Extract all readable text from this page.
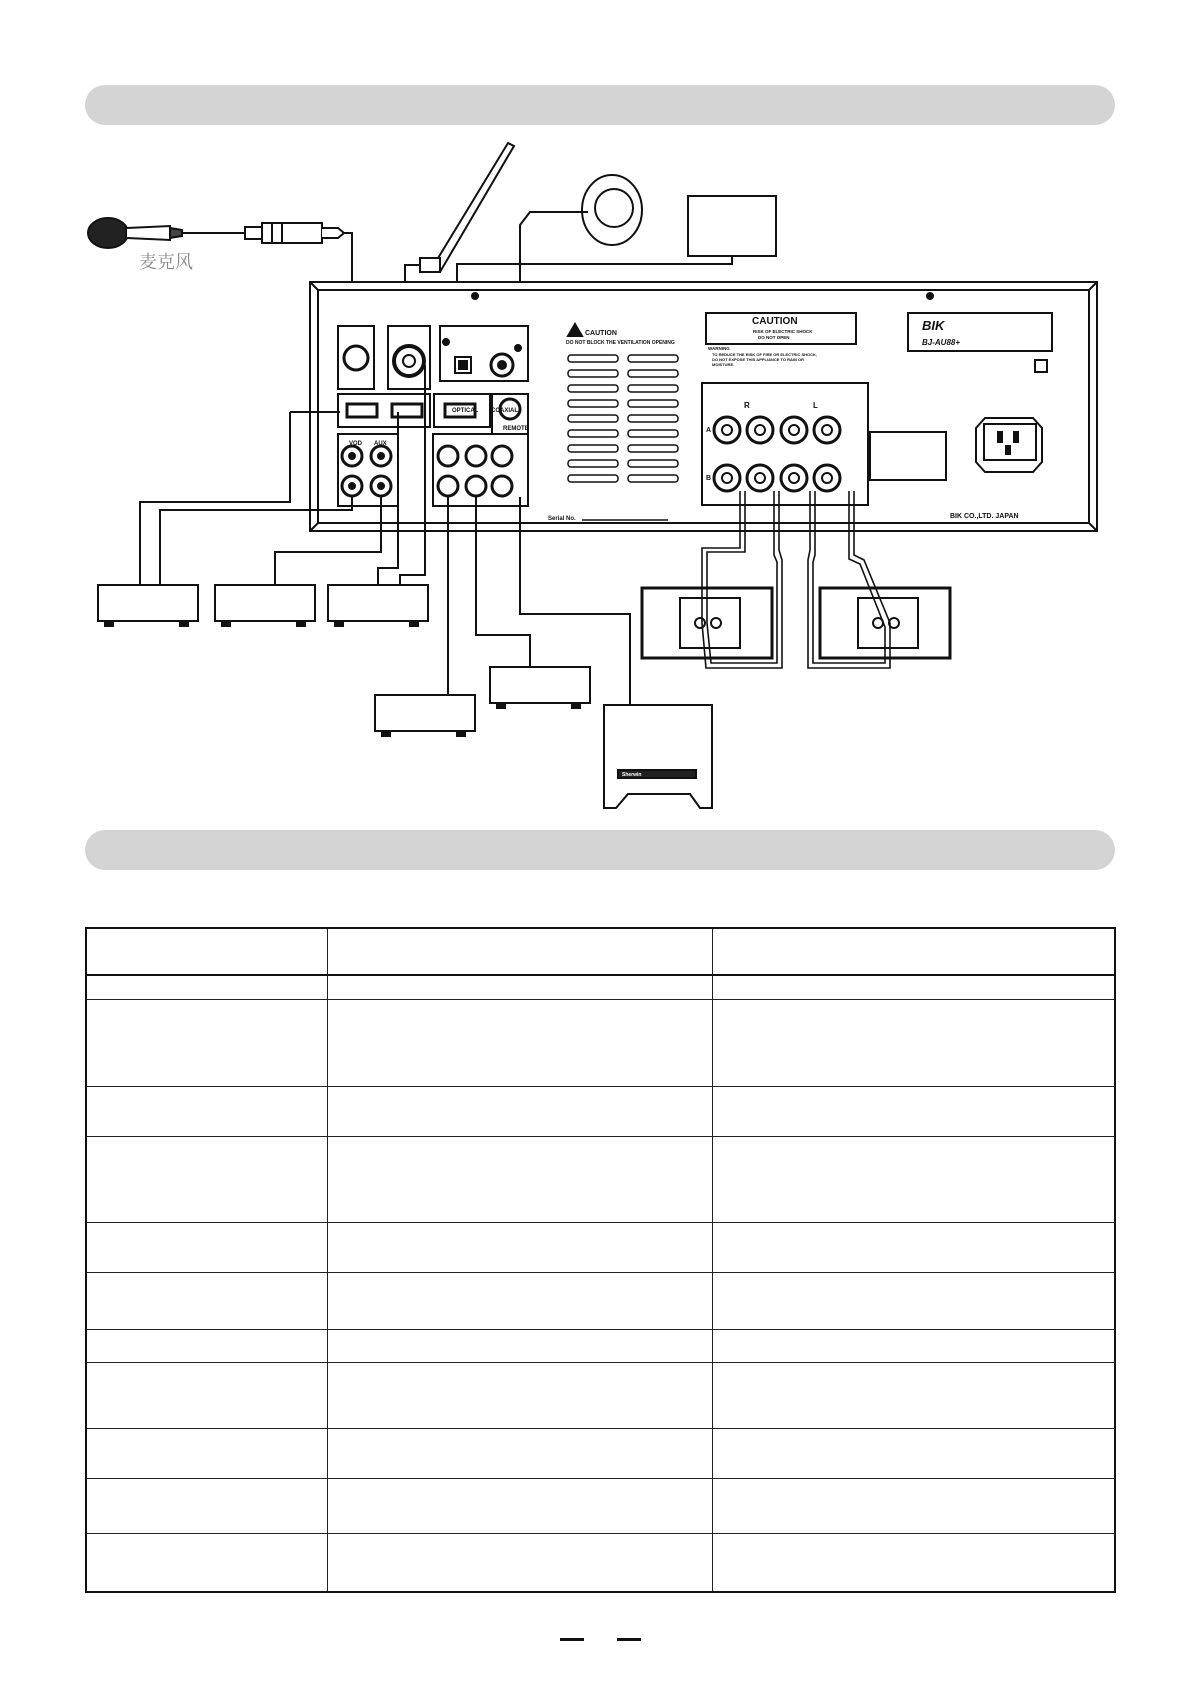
麦克风
OPTICAL COAXIAL
REMOTE
VOD AUX
CAUTION
DO NOT BLOCK THE VENTILATION OPENING
CAUTION
RISK OF ELECTRIC SHOCK
DO NOT OPEN
WARNING
TO REDUCE THE RISK OF FIRE OR ELECTRIC SHOCK,
DO NOT EXPOSE THIS APPLIANCE TO RAIN OR
MOISTURE.
BIK
BJ-AU88+
Serial No.	BIK CO.,LTD. JAPAN
R	L
A
B
Sherwin
